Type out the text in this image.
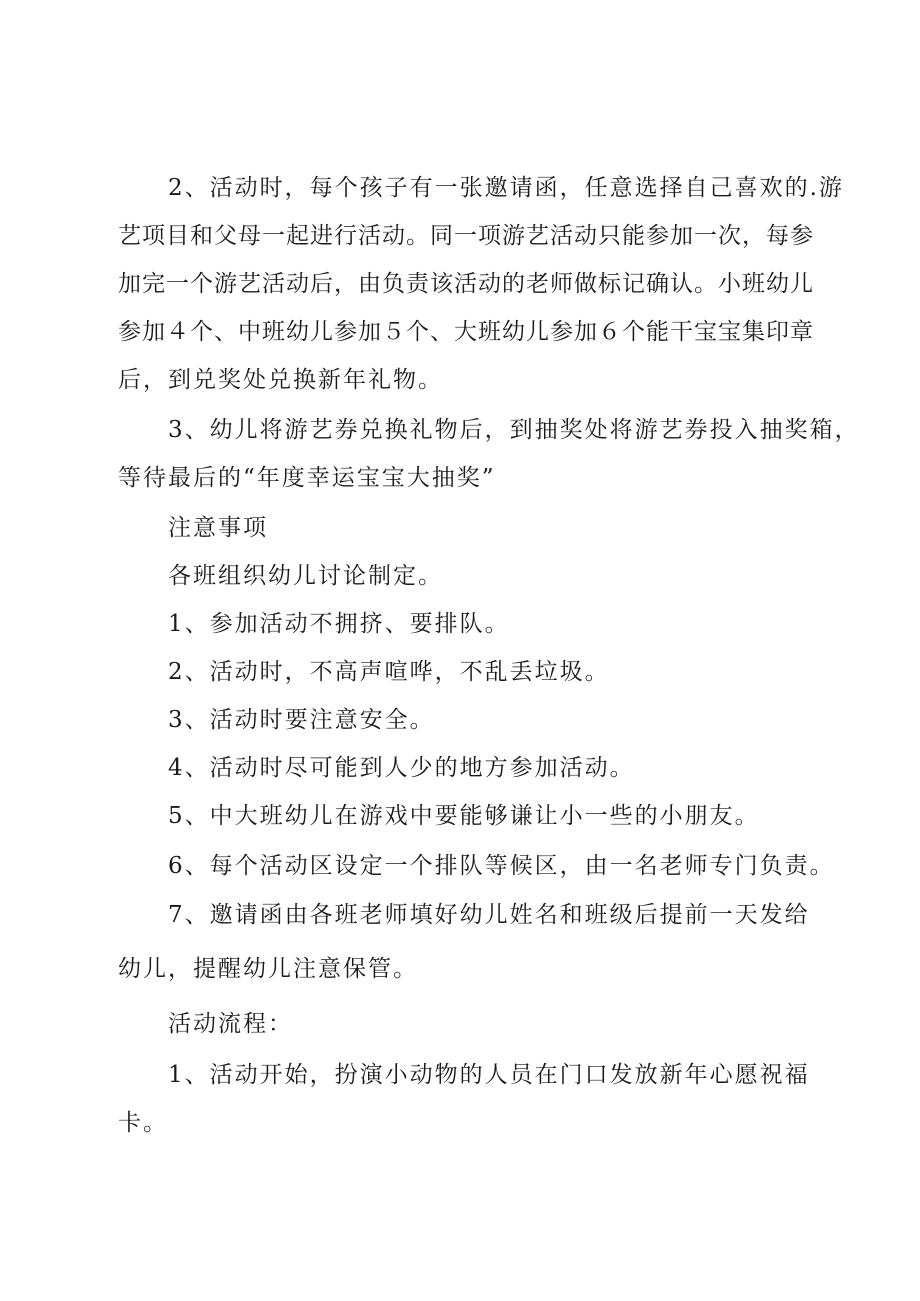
2、活动时，每个孩子有一张邀请函，任意选择自己喜欢的.游
艺项目和父母一起进行活动。同一项游艺活动只能参加一次，每参
加完一个游艺活动后，由负责该活动的老师做标记确认。小班幼儿
参加４个、中班幼儿参加５个、大班幼儿参加６个能干宝宝集印章
后，到兑奖处兑换新年礼物。
3、幼儿将游艺券兑换礼物后，到抽奖处将游艺券投入抽奖箱，
等待最后的“年度幸运宝宝大抽奖”
注意事项
各班组织幼儿讨论制定。
1、参加活动不拥挤、要排队。
2、活动时，不高声喧哗，不乱丢垃圾。
3、活动时要注意安全。
4、活动时尽可能到人少的地方参加活动。
5、中大班幼儿在游戏中要能够谦让小一些的小朋友。
6、每个活动区设定一个排队等候区，由一名老师专门负责。
7、邀请函由各班老师填好幼儿姓名和班级后提前一天发给
幼儿，提醒幼儿注意保管。
活动流程：
1、活动开始，扮演小动物的人员在门口发放新年心愿祝福
卡。
